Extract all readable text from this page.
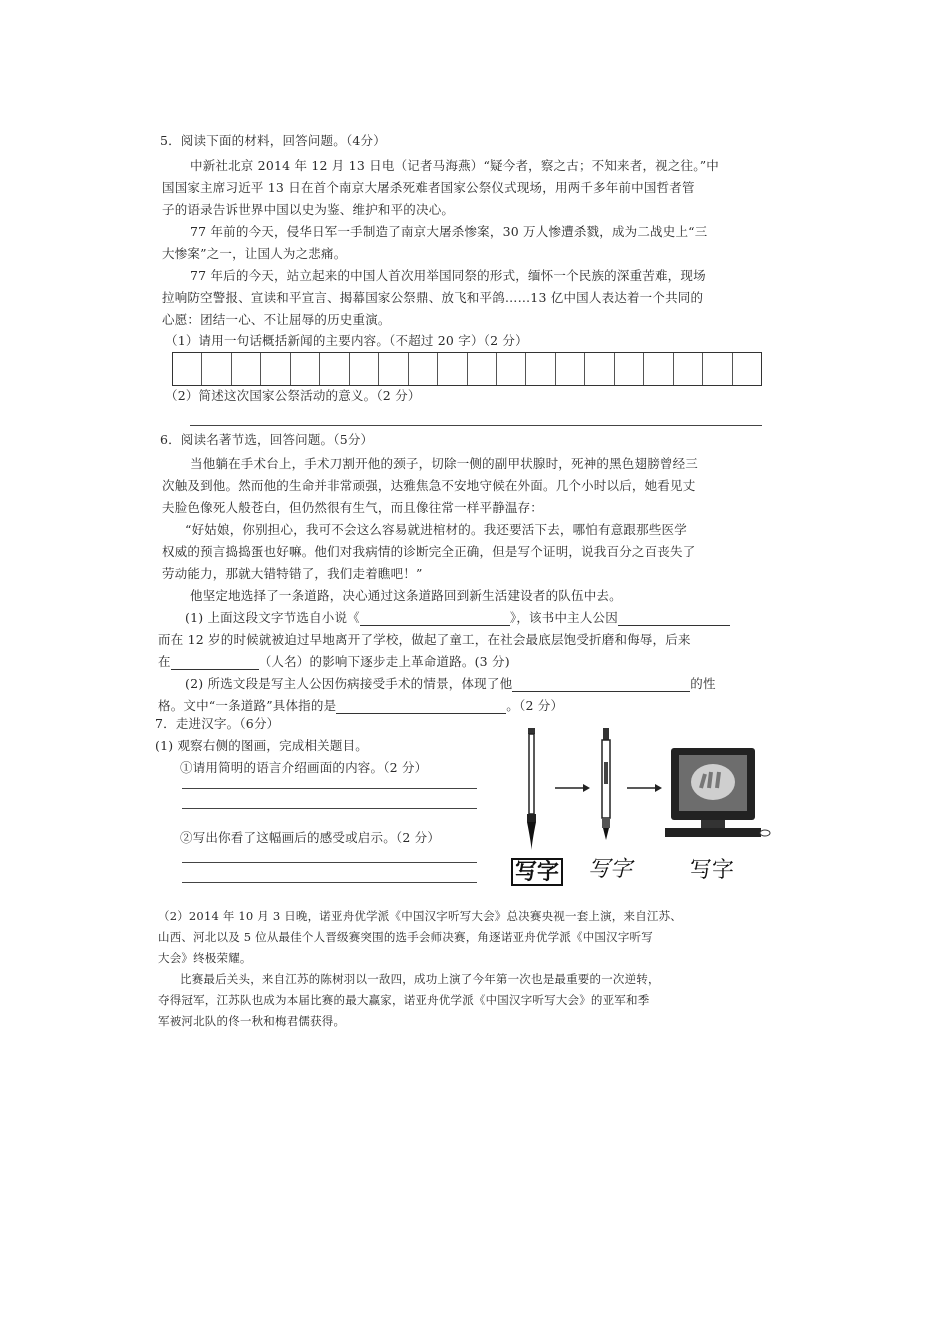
5．阅读下面的材料，回答问题。（4分）
中新社北京 2014 年 12 月 13 日电（记者马海燕）“疑今者，察之古；不知来者，视之往。”中
国国家主席习近平 13 日在首个南京大屠杀死难者国家公祭仪式现场，用两千多年前中国哲者管
子的语录告诉世界中国以史为鉴、维护和平的决心。
77 年前的今天，侵华日军一手制造了南京大屠杀惨案，30 万人惨遭杀戮，成为二战史上“三
大惨案”之一，让国人为之悲痛。
77 年后的今天，站立起来的中国人首次用举国同祭的形式，缅怀一个民族的深重苦难，现场
拉响防空警报、宣读和平宣言、揭幕国家公祭鼎、放飞和平鸽……13 亿中国人表达着一个共同的
心愿：团结一心、不让屈辱的历史重演。
（1）请用一句话概括新闻的主要内容。（不超过 20 字）（2 分）
（2）简述这次国家公祭活动的意义。（2 分）
6．阅读名著节选，回答问题。（5分）
当他躺在手术台上，手术刀割开他的颈子，切除一侧的副甲状腺时，死神的黑色翅膀曾经三
次触及到他。然而他的生命并非常顽强，达雅焦急不安地守候在外面。几个小时以后，她看见丈
夫脸色像死人般苍白，但仍然很有生气，而且像往常一样平静温存：
“好姑娘，你别担心，我可不会这么容易就进棺材的。我还要活下去，哪怕有意跟那些医学
权威的预言捣捣蛋也好嘛。他们对我病情的诊断完全正确，但是写个证明，说我百分之百丧失了
劳动能力，那就大错特错了，我们走着瞧吧！”
他坚定地选择了一条道路，决心通过这条道路回到新生活建设者的队伍中去。
(1) 上面这段文字节选自小说《	》，该书中主人公因
而在 12 岁的时候就被迫过早地离开了学校，做起了童工，在社会最底层饱受折磨和侮辱，后来
在	（人名）的影响下逐步走上革命道路。(3 分)
(2) 所选文段是写主人公因伤病接受手术的情景，体现了他	的性
格。文中“一条道路”具体指的是	。（2 分）
7．走进汉字。（6分）
(1) 观察右侧的图画，完成相关题目。
①请用简明的语言介绍画面的内容。（2 分）
②写出你看了这幅画后的感受或启示。（2 分）
写字 写字	写字
（2）2014 年 10 月 3 日晚，诺亚舟优学派《中国汉字听写大会》总决赛央视一套上演，来自江苏、
山西、河北以及 5 位从最佳个人晋级赛突围的选手会师决赛，角逐诺亚舟优学派《中国汉字听写
大会》终极荣耀。
比赛最后关头，来自江苏的陈树羽以一敌四，成功上演了今年第一次也是最重要的一次逆转，
夺得冠军，江苏队也成为本届比赛的最大赢家，诺亚舟优学派《中国汉字听写大会》的亚军和季
军被河北队的佟一秋和梅君儒获得。
